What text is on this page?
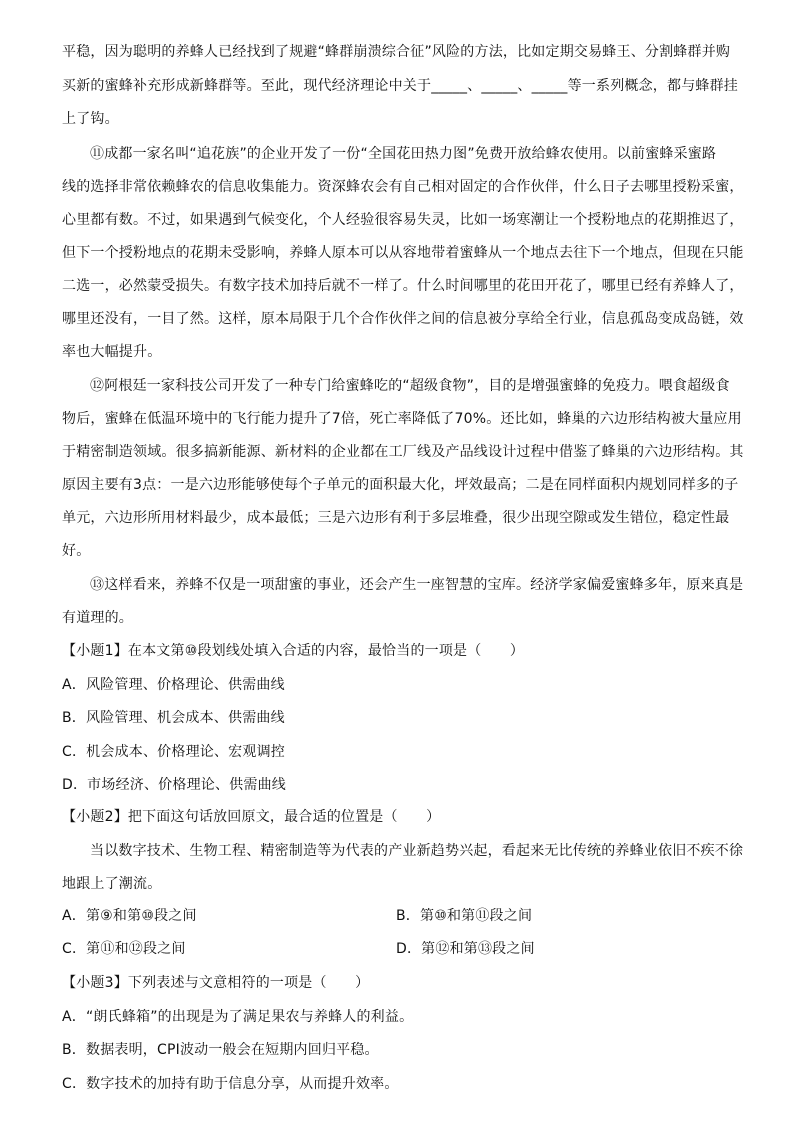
平稳，因为聪明的养蜂人已经找到了规避“蜂群崩溃综合征”风险的方法，比如定期交易蜂王、分割蜂群并购
买新的蜜蜂补充形成新蜂群等。至此，现代经济理论中关于_____、_____、_____等一系列概念，都与蜂群挂
上了钩。
⑪成都一家名叫“追花族”的企业开发了一份“全国花田热力图”免费开放给蜂农使用。以前蜜蜂采蜜路
线的选择非常依赖蜂农的信息收集能力。资深蜂农会有自己相对固定的合作伙伴，什么日子去哪里授粉采蜜，
心里都有数。不过，如果遇到气候变化，个人经验很容易失灵，比如一场寒潮让一个授粉地点的花期推迟了，
但下一个授粉地点的花期未受影响，养蜂人原本可以从容地带着蜜蜂从一个地点去往下一个地点，但现在只能
二选一，必然蒙受损失。有数字技术加持后就不一样了。什么时间哪里的花田开花了，哪里已经有养蜂人了，
哪里还没有，一目了然。这样，原本局限于几个合作伙伴之间的信息被分享给全行业，信息孤岛变成岛链，效
率也大幅提升。
⑫阿根廷一家科技公司开发了一种专门给蜜蜂吃的“超级食物”，目的是增强蜜蜂的免疫力。喂食超级食
物后，蜜蜂在低温环境中的飞行能力提升了7倍，死亡率降低了70%。还比如，蜂巢的六边形结构被大量应用
于精密制造领域。很多搞新能源、新材料的企业都在工厂线及产品线设计过程中借鉴了蜂巢的六边形结构。其
原因主要有3点：一是六边形能够使每个子单元的面积最大化，坪效最高；二是在同样面积内规划同样多的子
单元，六边形所用材料最少，成本最低；三是六边形有利于多层堆叠，很少出现空隙或发生错位，稳定性最
好。
⑬这样看来，养蜂不仅是一项甜蜜的事业，还会产生一座智慧的宝库。经济学家偏爱蜜蜂多年，原来真是
有道理的。
【小题1】在本文第⑩段划线处填入合适的内容，最恰当的一项是（　　）
A．风险管理、价格理论、供需曲线
B．风险管理、机会成本、供需曲线
C．机会成本、价格理论、宏观调控
D．市场经济、价格理论、供需曲线
【小题2】把下面这句话放回原文，最合适的位置是（　　）
当以数字技术、生物工程、精密制造等为代表的产业新趋势兴起，看起来无比传统的养蜂业依旧不疾不徐
地跟上了潮流。
A．第⑨和第⑩段之间	B．第⑩和第⑪段之间
C．第⑪和⑫段之间	D．第⑫和第⑬段之间
【小题3】下列表述与文意相符的一项是（　　）
A．“朗氏蜂箱”的出现是为了满足果农与养蜂人的利益。
B．数据表明，CPI波动一般会在短期内回归平稳。
C．数字技术的加持有助于信息分享，从而提升效率。
